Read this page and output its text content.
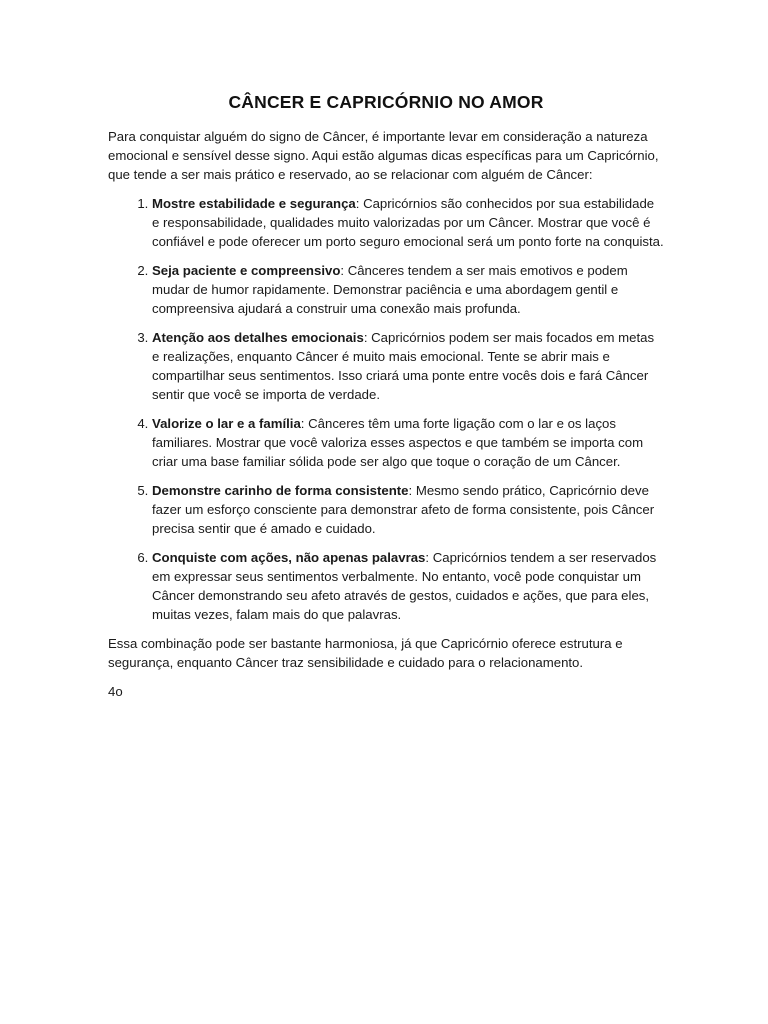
CÂNCER E CAPRICÓRNIO NO AMOR

Para conquistar alguém do signo de Câncer, é importante levar em consideração a natureza emocional e sensível desse signo. Aqui estão algumas dicas específicas para um Capricórnio, que tende a ser mais prático e reservado, ao se relacionar com alguém de Câncer:

1. Mostre estabilidade e segurança: Capricórnios são conhecidos por sua estabilidade e responsabilidade, qualidades muito valorizadas por um Câncer. Mostrar que você é confiável e pode oferecer um porto seguro emocional será um ponto forte na conquista.
2. Seja paciente e compreensivo: Cânceres tendem a ser mais emotivos e podem mudar de humor rapidamente. Demonstrar paciência e uma abordagem gentil e compreensiva ajudará a construir uma conexão mais profunda.
3. Atenção aos detalhes emocionais: Capricórnios podem ser mais focados em metas e realizações, enquanto Câncer é muito mais emocional. Tente se abrir mais e compartilhar seus sentimentos. Isso criará uma ponte entre vocês dois e fará Câncer sentir que você se importa de verdade.
4. Valorize o lar e a família: Cânceres têm uma forte ligação com o lar e os laços familiares. Mostrar que você valoriza esses aspectos e que também se importa com criar uma base familiar sólida pode ser algo que toque o coração de um Câncer.
5. Demonstre carinho de forma consistente: Mesmo sendo prático, Capricórnio deve fazer um esforço consciente para demonstrar afeto de forma consistente, pois Câncer precisa sentir que é amado e cuidado.
6. Conquiste com ações, não apenas palavras: Capricórnios tendem a ser reservados em expressar seus sentimentos verbalmente. No entanto, você pode conquistar um Câncer demonstrando seu afeto através de gestos, cuidados e ações, que para eles, muitas vezes, falam mais do que palavras.

Essa combinação pode ser bastante harmoniosa, já que Capricórnio oferece estrutura e segurança, enquanto Câncer traz sensibilidade e cuidado para o relacionamento.

4o
